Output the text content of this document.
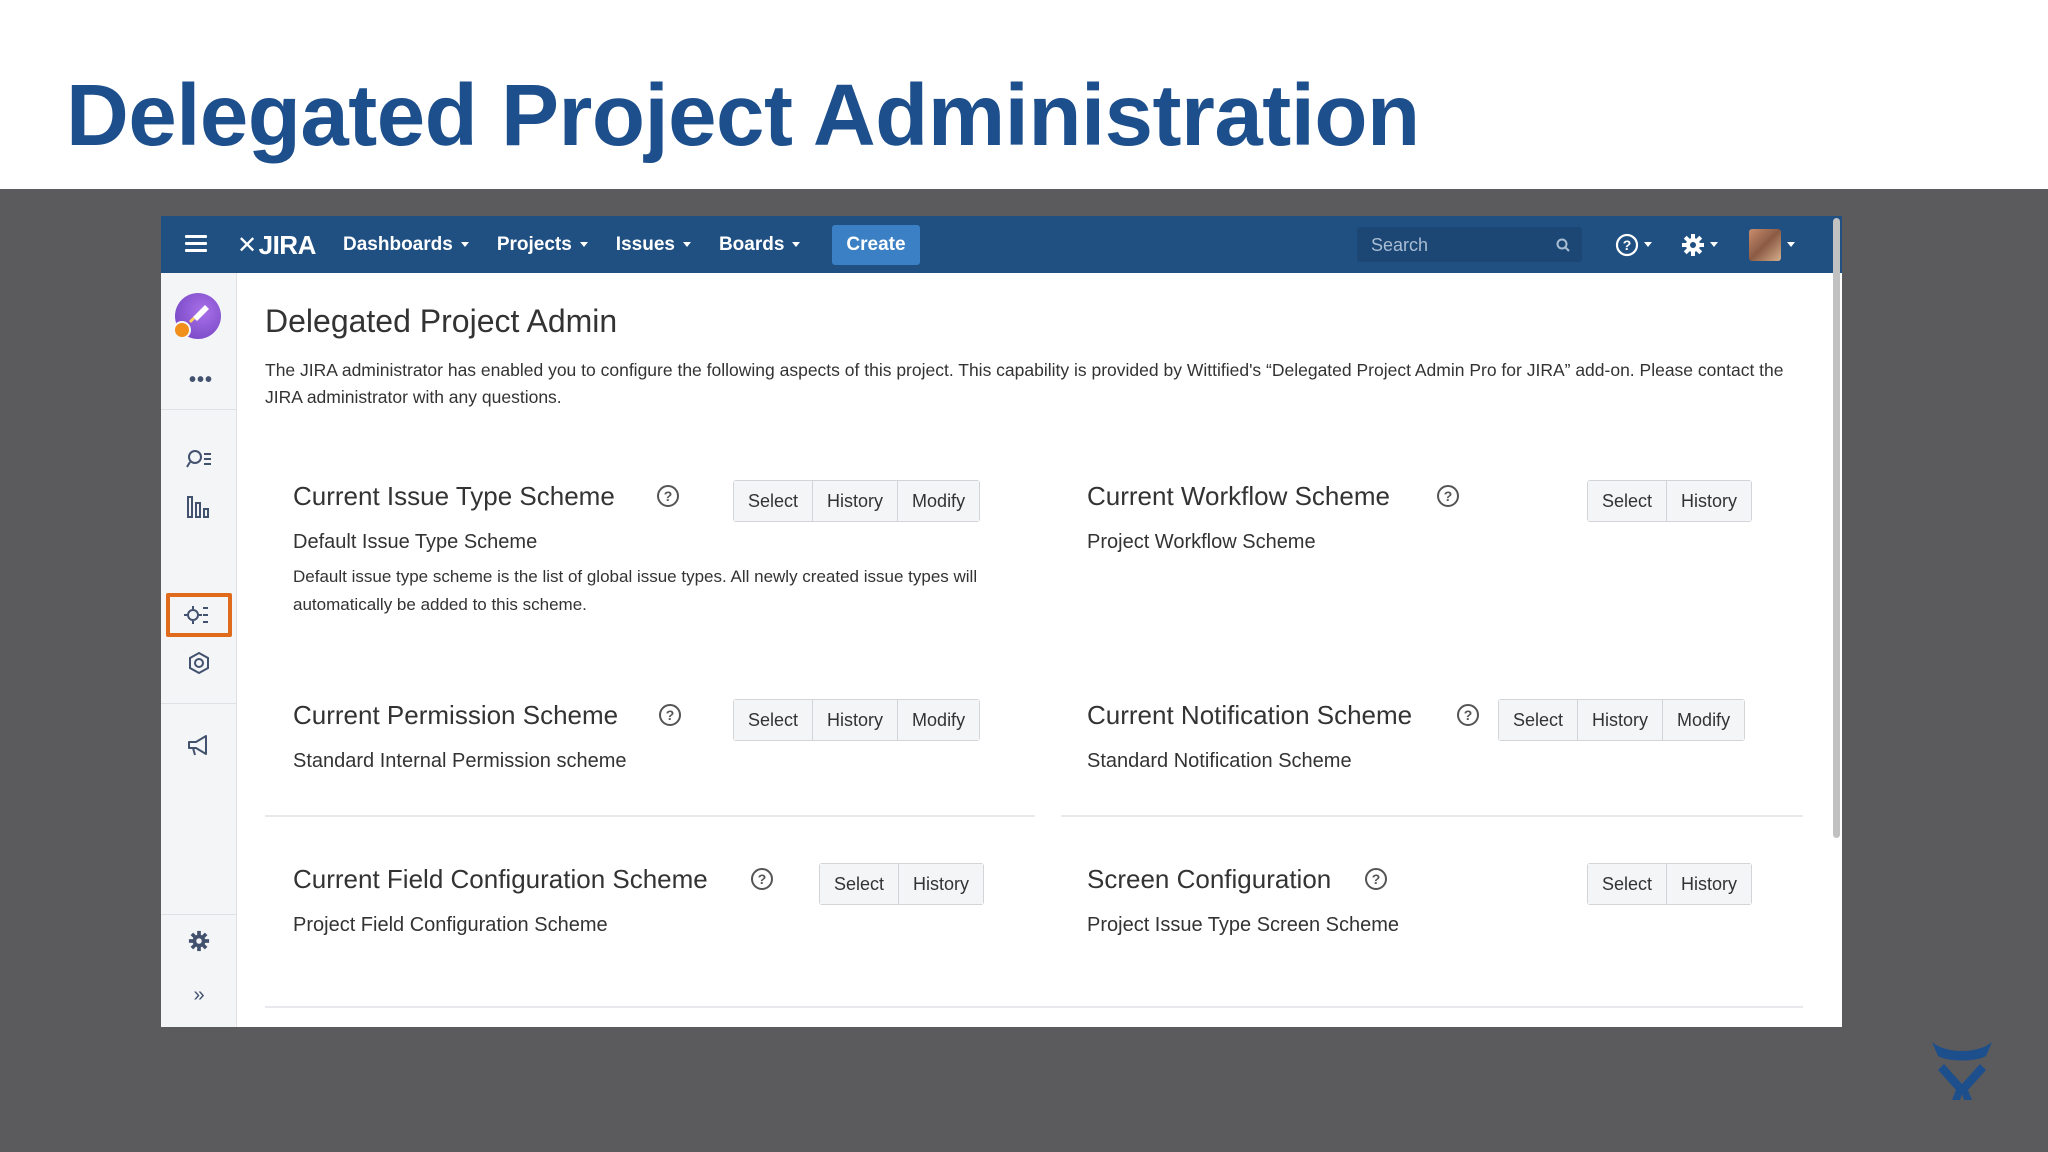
Delegated Project Administration
✕ JIRA Dashboards Projects Issues Boards	Create	Search	?
•••
»
Delegated Project Admin
The JIRA administrator has enabled you to configure the following aspects of this project. This capability is provided by Wittified's “Delegated Project Admin Pro for JIRA” add-on. Please contact the JIRA administrator with any questions.
Current Issue Type Scheme	?	Select	History	Modify
Default Issue Type Scheme
Default issue type scheme is the list of global issue types. All newly created issue types will automatically be added to this scheme.
Current Workflow Scheme	?	Select	History
Project Workflow Scheme
Current Permission Scheme	?	Select	History	Modify
Standard Internal Permission scheme
Current Notification Scheme	?	Select	History	Modify
Standard Notification Scheme
Current Field Configuration Scheme	?	Select	History
Project Field Configuration Scheme
Screen Configuration	?	Select	History
Project Issue Type Screen Scheme
